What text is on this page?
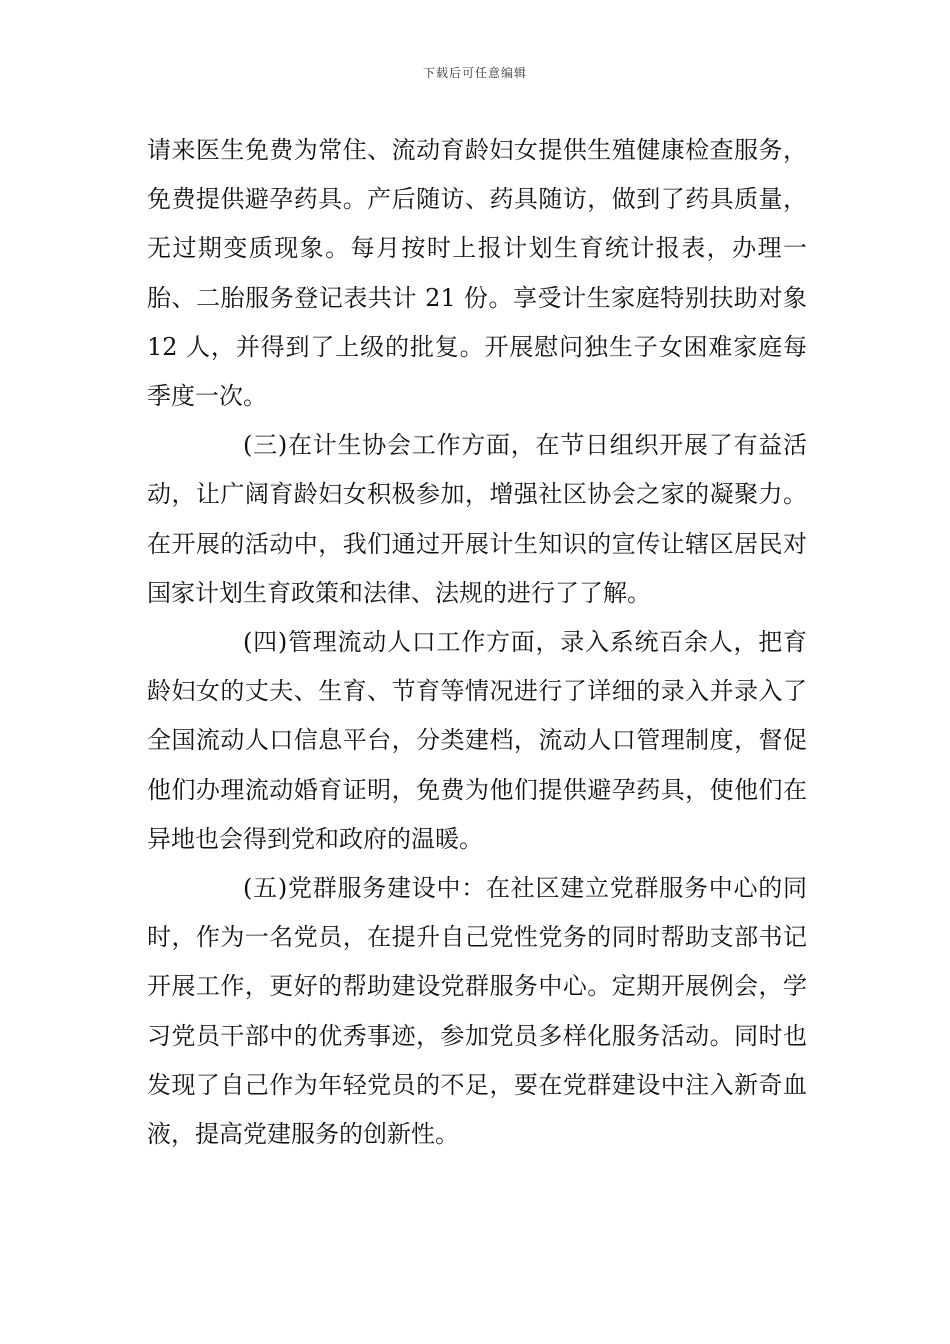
下载后可任意编辑

请来医生免费为常住、流动育龄妇女提供生殖健康检查服务，免费提供避孕药具。产后随访、药具随访，做到了药具质量，无过期变质现象。每月按时上报计划生育统计报表，办理一胎、二胎服务登记表共计 21 份。享受计生家庭特别扶助对象 12 人，并得到了上级的批复。开展慰问独生子女困难家庭每季度一次。

(三)在计生协会工作方面，在节日组织开展了有益活动，让广阔育龄妇女积极参加，增强社区协会之家的凝聚力。在开展的活动中，我们通过开展计生知识的宣传让辖区居民对国家计划生育政策和法律、法规的进行了了解。

(四)管理流动人口工作方面，录入系统百余人，把育龄妇女的丈夫、生育、节育等情况进行了详细的录入并录入了全国流动人口信息平台，分类建档，流动人口管理制度，督促他们办理流动婚育证明，免费为他们提供避孕药具，使他们在异地也会得到党和政府的温暖。

(五)党群服务建设中：在社区建立党群服务中心的同时，作为一名党员，在提升自己党性党务的同时帮助支部书记开展工作，更好的帮助建设党群服务中心。定期开展例会，学习党员干部中的优秀事迹，参加党员多样化服务活动。同时也发现了自己作为年轻党员的不足，要在党群建设中注入新奇血液，提高党建服务的创新性。
